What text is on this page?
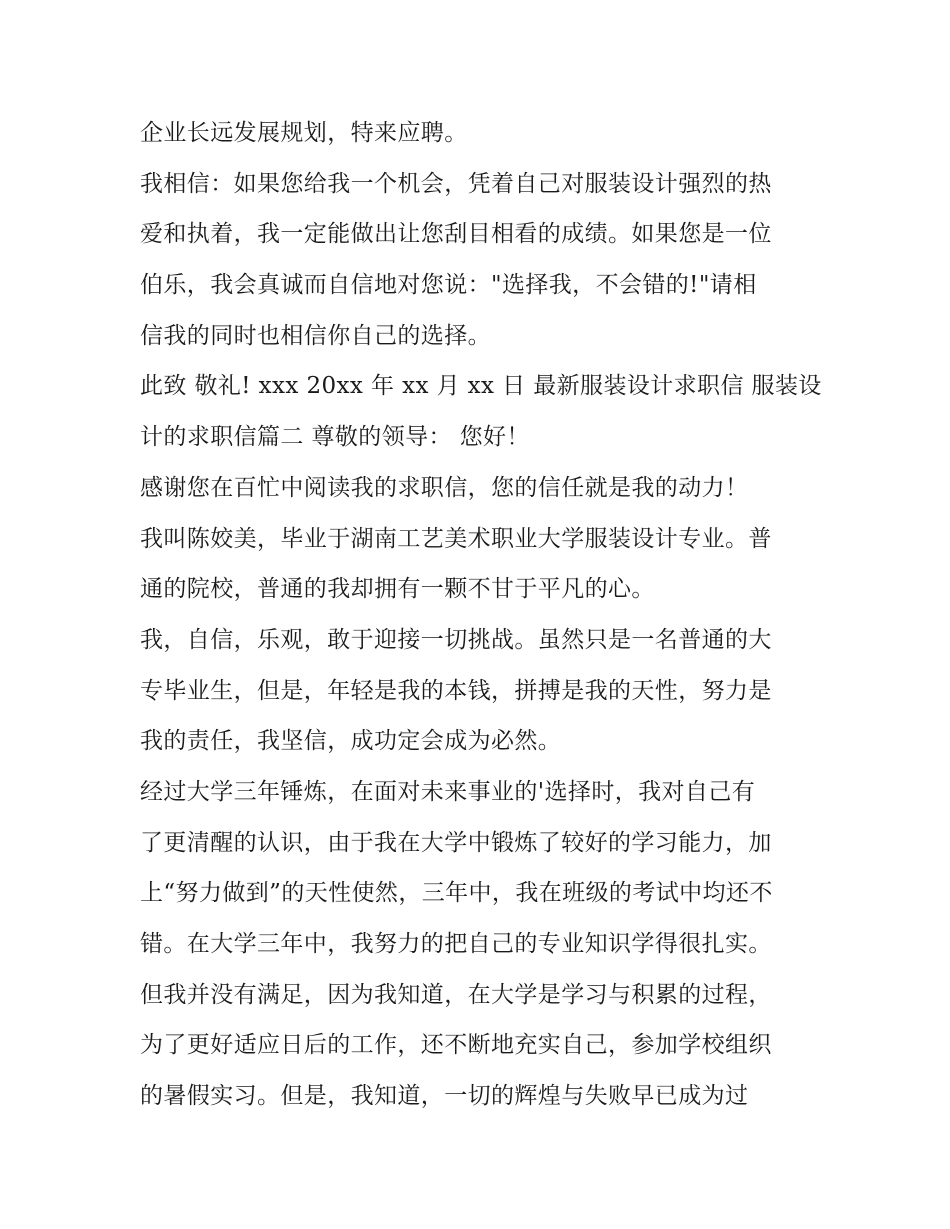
企业长远发展规划，特来应聘。
我相信：如果您给我一个机会，凭着自己对服装设计强烈的热
爱和执着，我一定能做出让您刮目相看的成绩。如果您是一位
伯乐，我会真诚而自信地对您说："选择我，不会错的!"请相
信我的同时也相信你自己的选择。
此致 敬礼! xxx 20xx 年 xx 月 xx 日 最新服装设计求职信 服装设
计的求职信篇二 尊敬的领导： 您好！
感谢您在百忙中阅读我的求职信，您的信任就是我的动力！
我叫陈姣美，毕业于湖南工艺美术职业大学服装设计专业。普
通的院校，普通的我却拥有一颗不甘于平凡的心。
我，自信，乐观，敢于迎接一切挑战。虽然只是一名普通的大
专毕业生，但是，年轻是我的本钱，拼搏是我的天性，努力是
我的责任，我坚信，成功定会成为必然。
经过大学三年锤炼，在面对未来事业的'选择时，我对自己有
了更清醒的认识，由于我在大学中锻炼了较好的学习能力，加
上“努力做到”的天性使然，三年中，我在班级的考试中均还不
错。在大学三年中，我努力的把自己的专业知识学得很扎实。
但我并没有满足，因为我知道，在大学是学习与积累的过程，
为了更好适应日后的工作，还不断地充实自己，参加学校组织
的暑假实习。但是，我知道，一切的辉煌与失败早已成为过
